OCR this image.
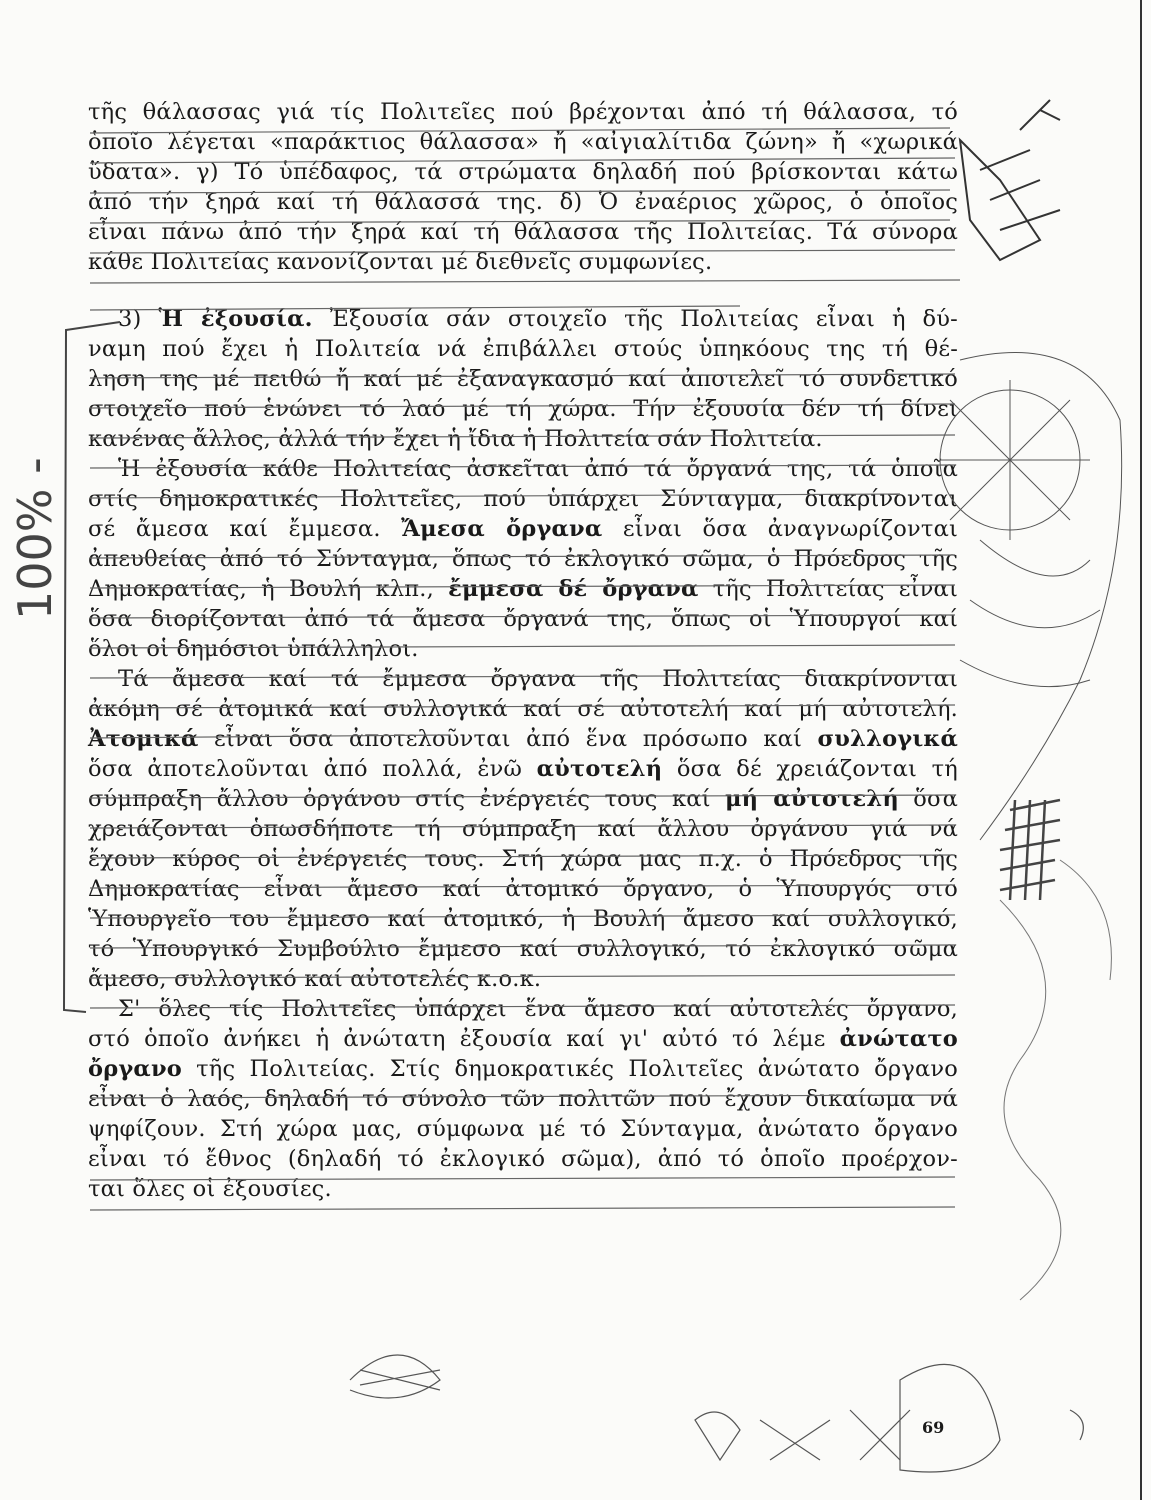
τῆς θάλασσας γιά τίς Πολιτεῖες πού βρέχονται ἀπό τή θάλασσα, τό
ὁποῖο λέγεται «παράκτιος θάλασσα» ἤ «αἰγιαλίτιδα ζώνη» ἤ «χωρικά
ὕδατα». γ) Τό ὑπέδαφος, τά στρώματα δηλαδή πού βρίσκονται κάτω
ἀπό τήν ξηρά καί τή θάλασσά της. δ) Ὁ ἐναέριος χῶρος, ὁ ὁποῖος
εἶναι πάνω ἀπό τήν ξηρά καί τή θάλασσα τῆς Πολιτείας. Τά σύνορα
κάθε Πολιτείας κανονίζονται μέ διεθνεῖς συμφωνίες.
3) Ἡ ἐξουσία. Ἐξουσία σάν στοιχεῖο τῆς Πολιτείας εἶναι ἡ δύ-
ναμη πού ἔχει ἡ Πολιτεία νά ἐπιβάλλει στούς ὑπηκόους της τή θέ-
ληση της μέ πειθώ ἤ καί μέ ἐξαναγκασμό καί ἀποτελεῖ τό συνδετικό
στοιχεῖο πού ἑνώνει τό λαό μέ τή χώρα. Τήν ἐξουσία δέν τή δίνει
κανένας ἄλλος, ἀλλά τήν ἔχει ἡ ἴδια ἡ Πολιτεία σάν Πολιτεία.
Ἡ ἐξουσία κάθε Πολιτείας ἀσκεῖται ἀπό τά ὄργανά της, τά ὁποῖα
στίς δημοκρατικές Πολιτεῖες, πού ὑπάρχει Σύνταγμα, διακρίνονται
σέ ἄμεσα καί ἔμμεσα. Ἄμεσα ὄργανα εἶναι ὅσα ἀναγνωρίζονται
ἀπευθείας ἀπό τό Σύνταγμα, ὅπως τό ἐκλογικό σῶμα, ὁ Πρόεδρος τῆς
Δημοκρατίας, ἡ Βουλή κλπ., ἔμμεσα δέ ὄργανα τῆς Πολιτείας εἶναι
ὅσα διορίζονται ἀπό τά ἄμεσα ὄργανά της, ὅπως οἱ Ὑπουργοί καί
ὅλοι οἱ δημόσιοι ὑπάλληλοι.
Τά ἄμεσα καί τά ἔμμεσα ὄργανα τῆς Πολιτείας διακρίνονται
ἀκόμη σέ ἀτομικά καί συλλογικά καί σέ αὐτοτελή καί μή αὐτοτελή.
Ἀτομικά εἶναι ὅσα ἀποτελοῦνται ἀπό ἕνα πρόσωπο καί συλλογικά
ὅσα ἀποτελοῦνται ἀπό πολλά, ἐνῶ αὐτοτελή ὅσα δέ χρειάζονται τή
σύμπραξη ἄλλου ὀργάνου στίς ἐνέργειές τους καί μή αὐτοτελή ὅσα
χρειάζονται ὁπωσδήποτε τή σύμπραξη καί ἄλλου ὀργάνου γιά νά
ἔχουν κύρος οἱ ἐνέργειές τους. Στή χώρα μας π.χ. ὁ Πρόεδρος τῆς
Δημοκρατίας εἶναι ἄμεσο καί ἀτομικό ὄργανο, ὁ Ὑπουργός στό
Ὑπουργεῖο του ἔμμεσο καί ἀτομικό, ἡ Βουλή ἄμεσο καί συλλογικό,
τό Ὑπουργικό Συμβούλιο ἔμμεσο καί συλλογικό, τό ἐκλογικό σῶμα
ἄμεσο, συλλογικό καί αὐτοτελές κ.ο.κ.
Σ' ὅλες τίς Πολιτεῖες ὑπάρχει ἕνα ἄμεσο καί αὐτοτελές ὄργανο,
στό ὁποῖο ἀνήκει ἡ ἀνώτατη ἐξουσία καί γι' αὐτό τό λέμε ἀνώτατο
ὄργανο τῆς Πολιτείας. Στίς δημοκρατικές Πολιτεῖες ἀνώτατο ὄργανο
εἶναι ὁ λαός, δηλαδή τό σύνολο τῶν πολιτῶν πού ἔχουν δικαίωμα νά
ψηφίζουν. Στή χώρα μας, σύμφωνα μέ τό Σύνταγμα, ἀνώτατο ὄργανο
εἶναι τό ἔθνος (δηλαδή τό ἐκλογικό σῶμα), ἀπό τό ὁποῖο προέρχον-
ται ὅλες οἱ ἐξουσίες.
100% -
69
